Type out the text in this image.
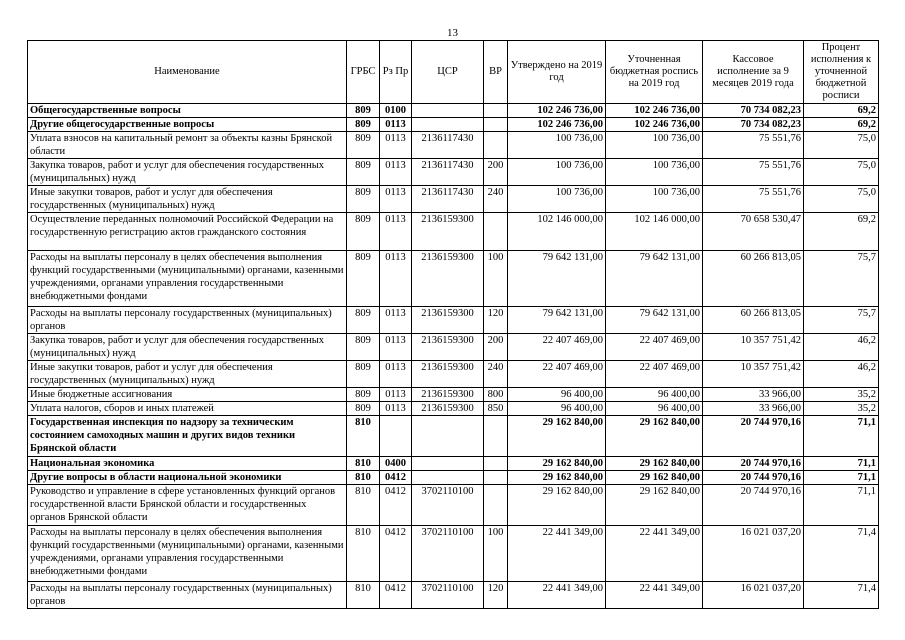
13
Наименование	ГРБС	Рз Пр	ЦСР	ВР	Утверждено на 2019 год	Уточненная бюджетная роспись на 2019 год	Кассовое исполнение за 9 месяцев 2019 года	Процент исполнения к уточненной бюджетной росписи
Общегосударственные вопросы	809	0100			102 246 736,00	102 246 736,00	70 734 082,23	69,2
Другие общегосударственные вопросы	809	0113			102 246 736,00	102 246 736,00	70 734 082,23	69,2
Уплата взносов на капитальный ремонт за объекты казны Брянской области	809	0113	2136117430		100 736,00	100 736,00	75 551,76	75,0
Закупка товаров, работ и услуг для обеспечения государственных (муниципальных) нужд	809	0113	2136117430	200	100 736,00	100 736,00	75 551,76	75,0
Иные закупки товаров, работ и услуг для обеспечения государственных (муниципальных) нужд	809	0113	2136117430	240	100 736,00	100 736,00	75 551,76	75,0
Осуществление переданных полномочий Российской Федерации на государственную регистрацию актов гражданского состояния	809	0113	2136159300		102 146 000,00	102 146 000,00	70 658 530,47	69,2
Расходы на выплаты персоналу в целях обеспечения выполнения функций государственными (муниципальными) органами, казенными учреждениями, органами управления государственными внебюджетными фондами	809	0113	2136159300	100	79 642 131,00	79 642 131,00	60 266 813,05	75,7
Расходы на выплаты персоналу государственных (муниципальных) органов	809	0113	2136159300	120	79 642 131,00	79 642 131,00	60 266 813,05	75,7
Закупка товаров, работ и услуг для обеспечения государственных (муниципальных) нужд	809	0113	2136159300	200	22 407 469,00	22 407 469,00	10 357 751,42	46,2
Иные закупки товаров, работ и услуг для обеспечения государственных (муниципальных) нужд	809	0113	2136159300	240	22 407 469,00	22 407 469,00	10 357 751,42	46,2
Иные бюджетные ассигнования	809	0113	2136159300	800	96 400,00	96 400,00	33 966,00	35,2
Уплата налогов, сборов и иных платежей	809	0113	2136159300	850	96 400,00	96 400,00	33 966,00	35,2
Государственная инспекция по надзору за техническим состоянием самоходных машин и других видов техники Брянской области	810				29 162 840,00	29 162 840,00	20 744 970,16	71,1
Национальная экономика	810	0400			29 162 840,00	29 162 840,00	20 744 970,16	71,1
Другие вопросы в области национальной экономики	810	0412			29 162 840,00	29 162 840,00	20 744 970,16	71,1
Руководство и управление в сфере установленных функций органов государственной власти Брянской области и государственных органов Брянской области	810	0412	3702110100		29 162 840,00	29 162 840,00	20 744 970,16	71,1
Расходы на выплаты персоналу в целях обеспечения выполнения функций государственными (муниципальными) органами, казенными учреждениями, органами управления государственными внебюджетными фондами	810	0412	3702110100	100	22 441 349,00	22 441 349,00	16 021 037,20	71,4
Расходы на выплаты персоналу государственных (муниципальных) органов	810	0412	3702110100	120	22 441 349,00	22 441 349,00	16 021 037,20	71,4
